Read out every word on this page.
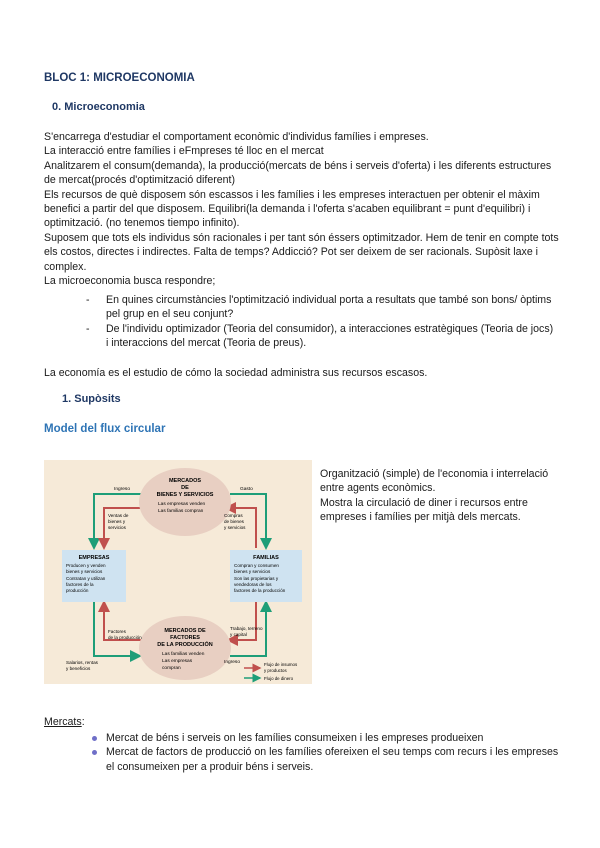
BLOC 1: MICROECONOMIA
0. Microeconomia

S'encarrega d'estudiar el comportament econòmic d'individus famílies i empreses.

La interacció entre famílies i eFmpreses té lloc en el mercat

Analitzarem el consum(demanda), la producció(mercats de béns i serveis d'oferta) i les diferents estructures de mercat(procés d'optimització diferent)

Els recursos de què disposem són escassos i les famílies i les empreses interactuen per obtenir el màxim benefici a partir del que disposem. Equilibri(la demanda i l'oferta s'acaben equilibrant = punt d'equilibri) i optimització. (no tenemos tiempo infinito).

Suposem que tots els individus són racionales i per tant són éssers optimitzador. Hem de tenir en compte tots els costos, directes i indirectes. Falta de temps? Addicció? Pot ser deixem de ser racionals. Supòsit laxe i complex.

La microeconomia busca respondre;

- En quines circumstàncies l'optimització individual porta a resultats que també son bons/ òptims pel grup en el seu conjunt?
- De l'individu optimizador (Teoria del consumidor), a interacciones estratègiques (Teoria de jocs) i interaccions del mercat (Teoria de preus).
La economía es el estudio de cómo la sociedad administra sus recursos escasos.
1. Supòsits
Model del flux circular
MERCADOS
DE
BIENES Y SERVICIOS
Las empresas venden
Las familias compran
MERCADOS DE
FACTORES
DE LA PRODUCCIÓN
Las familias venden
Las empresas
compran
EMPRESAS
Producen y venden
bienes y servicios
Contratan y utilizan
factores de la
producción
FAMILIAS
Compran y consumen
bienes y servicios
Son las propietarias y
vendedoras de los
factores de la producción
Ingreso	Gasto
Ventas de
bienes y
servicios
Compras
de bienes
y servicios
Factores
de la producción
Trabajo, terreno
y capital
Salarios, rentas
y beneficios
Ingreso	Flujo de insumos
y productos
Flujo de dinero

Organització (simple) de l'economia i interrelació entre agents econòmics.

Mostra la circulació de diner i recursos entre empreses i famílies per mitjà dels mercats.

Mercats:
Mercat de béns i serveis on les famílies consumeixen i les empreses produeixen
Mercat de factors de producció on les famílies ofereixen el seu temps com recurs i les empreses el consumeixen per a produir béns i serveis.
